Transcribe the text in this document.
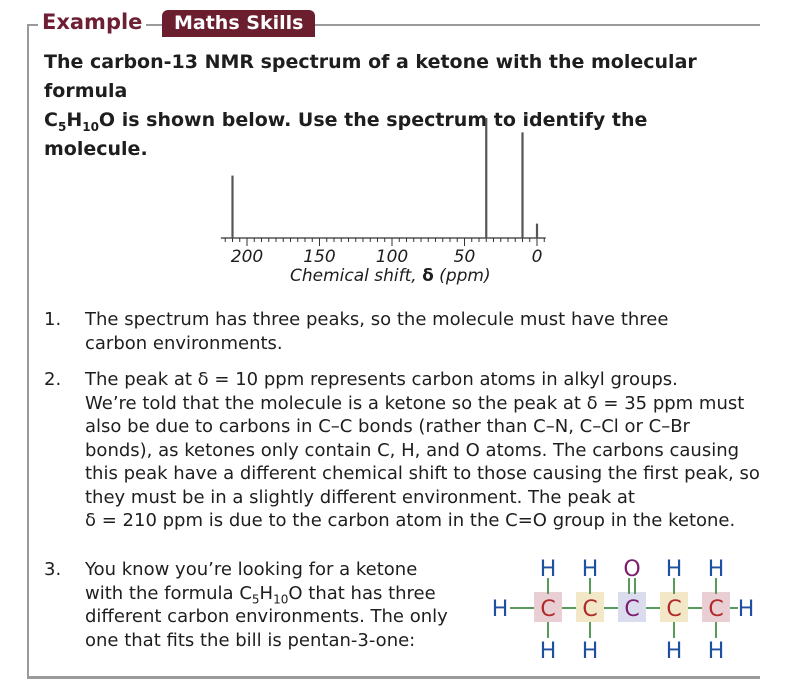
Example	Maths Skills
The carbon-13 NMR spectrum of a ketone with the molecular formula
$C_5H_{10}O$ is shown below. Use the spectrum to identify the molecule.
200 150 100	50	0
Chemical shift, δ (ppm)
1.	The spectrum has three peaks, so the molecule must have three
carbon environments.
2.	The peak at δ = 10 ppm represents carbon atoms in alkyl groups.
We’re told that the molecule is a ketone so the peak at δ = 35 ppm must
also be due to carbons in C–C bonds (rather than C–N, C–Cl or C–Br
bonds), as ketones only contain C, H, and O atoms. The carbons causing
this peak have a different chemical shift to those causing the first peak, so
they must be in a slightly different environment. The peak at
δ = 210 ppm is due to the carbon atom in the C=O group in the ketone.
3.	You know you’re looking for a ketone
with the formula $C_5H_{10}O$ that has three
different carbon environments. The only
one that fits the bill is pentan-3-one:
H H O H H
H C C C C C H
H H	H H
